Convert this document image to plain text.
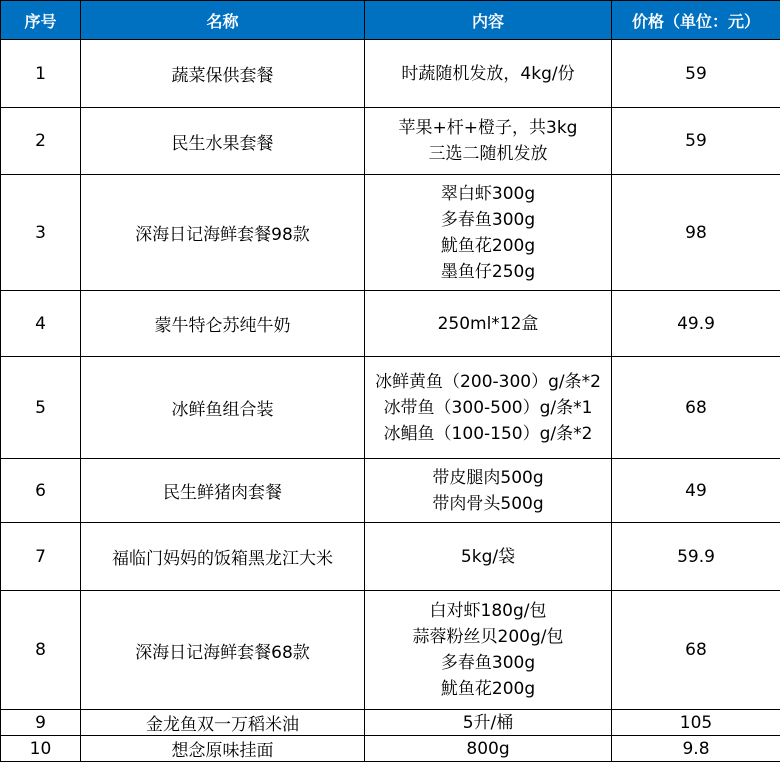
序号	名称	内容	价格（单位：元）
1	蔬菜保供套餐	时蔬随机发放，4kg/份	59
2	民生水果套餐	苹果+杆+橙子，共3kg
三选二随机发放	59
3	深海日记海鲜套餐98款	翠白虾300g
多春鱼300g
魷鱼花200g
墨鱼仔250g	98
4	蒙牛特仑苏纯牛奶	250ml*12盒	49.9
5	冰鲜鱼组合装	冰鲜黄鱼（200-300）g/条*2
冰带鱼（300-500）g/条*1
冰鲳鱼（100-150）g/条*2	68
6	民生鲜猪肉套餐	带皮腿肉500g
带肉骨头500g	49
7	福临门妈妈的饭箱黑龙江大米	5kg/袋	59.9
8	深海日记海鲜套餐68款	白对虾180g/包
蒜蓉粉丝贝200g/包
多春鱼300g
魷鱼花200g	68
9	金龙鱼双一万稻米油	5升/桶	105
10	想念原味挂面	800g	9.8
